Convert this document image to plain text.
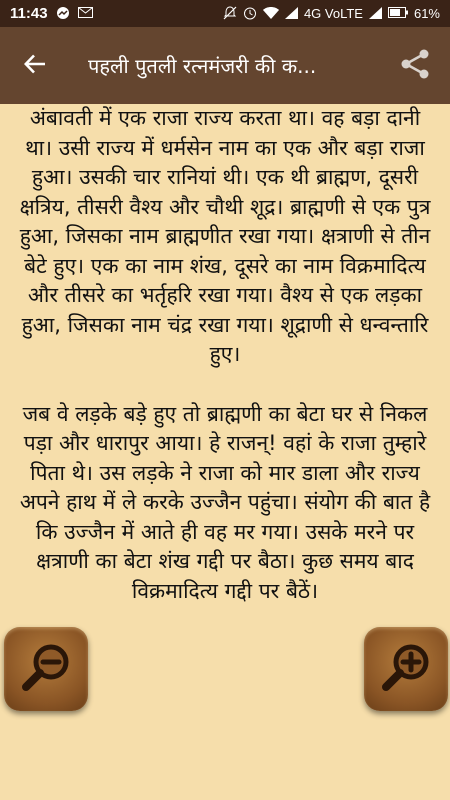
11:43	4G VoLTE	61%
पहली पुतली रत्नमंजरी की क...

अंबावती में एक राजा राज्य करता था। वह बड़ा दानी था। उसी राज्य में धर्मसेन नाम का एक और बड़ा राजा हुआ। उसकी चार रानियां थी। एक थी ब्राह्मण, दूसरी क्षत्रिय, तीसरी वैश्य और चौथी शूद्र। ब्राह्मणी से एक पुत्र हुआ, जिसका नाम ब्राह्मणीत रखा गया। क्षत्राणी से तीन बेटे हुए। एक का नाम शंख, दूसरे का नाम विक्रमादित्य और तीसरे का भर्तृहरि रखा गया। वैश्य से एक लड़का हुआ, जिसका नाम चंद्र रखा गया। शूद्राणी से धन्वन्तारि हुए।

जब वे लड़के बड़े हुए तो ब्राह्मणी का बेटा घर से निकल पड़ा और धारापुर आया। हे राजन्! वहां के राजा तुम्हारे पिता थे। उस लड़के ने राजा को मार डाला और राज्य अपने हाथ में ले करके उज्जैन पहुंचा। संयोग की बात है कि उज्जैन में आते ही वह मर गया। उसके मरने पर क्षत्राणी का बेटा शंख गद्दी पर बैठा। कुछ समय बाद विक्रमादित्य गद्दी पर बैठें।
